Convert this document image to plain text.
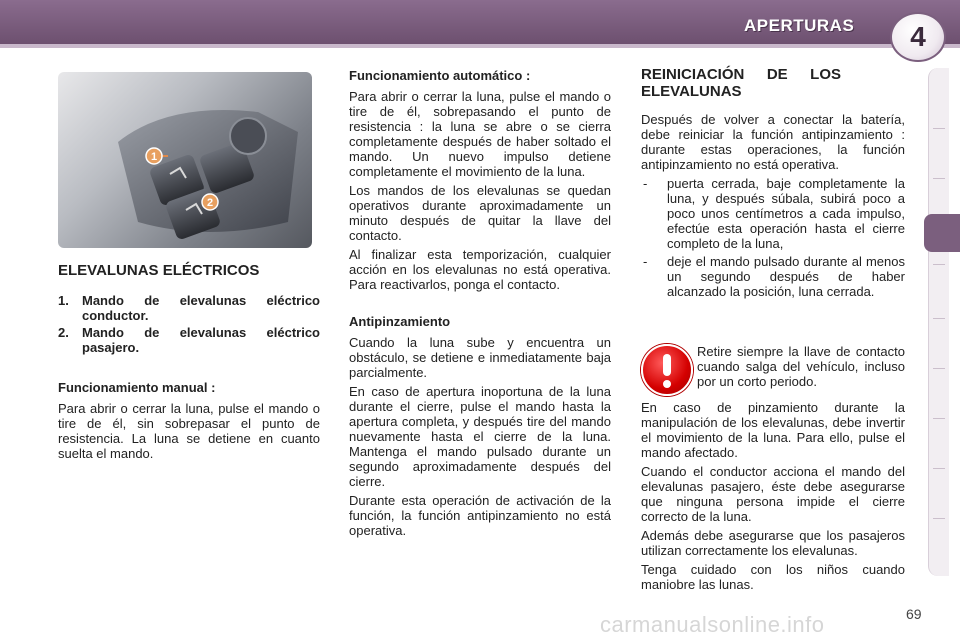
APERTURAS	4
1
2
ELEVALUNAS ELÉCTRICOS
1.	Mando de elevalunas eléctrico conductor.
2.	Mando de elevalunas eléctrico pasajero.
Funcionamiento manual :

Para abrir o cerrar la luna, pulse el mando o tire de él, sin sobrepasar el punto de resistencia. La luna se detiene en cuanto suelta el mando.

Funcionamiento automático :

Para abrir o cerrar la luna, pulse el mando o tire de él, sobrepasando el punto de resistencia : la luna se abre o se cierra completamente después de haber soltado el mando. Un nuevo impulso detiene completamente el movimiento de la luna.

Los mandos de los elevalunas se quedan operativos durante aproximadamente un minuto después de quitar la llave del contacto.

Al finalizar esta temporización, cualquier acción en los elevalunas no está operativa. Para reactivarlos, ponga el contacto.

Antipinzamiento

Cuando la luna sube y encuentra un obstáculo, se detiene e inmediatamente baja parcialmente.

En caso de apertura inoportuna de la luna durante el cierre, pulse el mando hasta la apertura completa, y después tire del mando nuevamente hasta el cierre de la luna. Mantenga el mando pulsado durante un segundo aproximadamente después del cierre.

Durante esta operación de activación de la función, la función antipinzamiento no está operativa.

REINICIACIÓN DE LOS ELEVALUNAS

Después de volver a conectar la batería, debe reiniciar la función antipinzamiento : durante estas operaciones, la función antipinzamiento no está operativa.

-	puerta cerrada, baje completamente la luna, y después súbala, subirá poco a poco unos centímetros a cada impulso, efectúe esta operación hasta el cierre completo de la luna,
-	deje el mando pulsado durante al menos un segundo después de haber alcanzado la posición, luna cerrada.

Retire siempre la llave de contacto cuando salga del vehículo, incluso por un corto periodo.

En caso de pinzamiento durante la manipulación de los elevalunas, debe invertir el movimiento de la luna. Para ello, pulse el mando afectado.

Cuando el conductor acciona el mando del elevalunas pasajero, éste debe asegurarse que ninguna persona impide el cierre correcto de la luna.

Además debe asegurarse que los pasajeros utilizan correctamente los elevalunas.

Tenga cuidado con los niños cuando maniobre las lunas.

carmanualsonline.info	69
